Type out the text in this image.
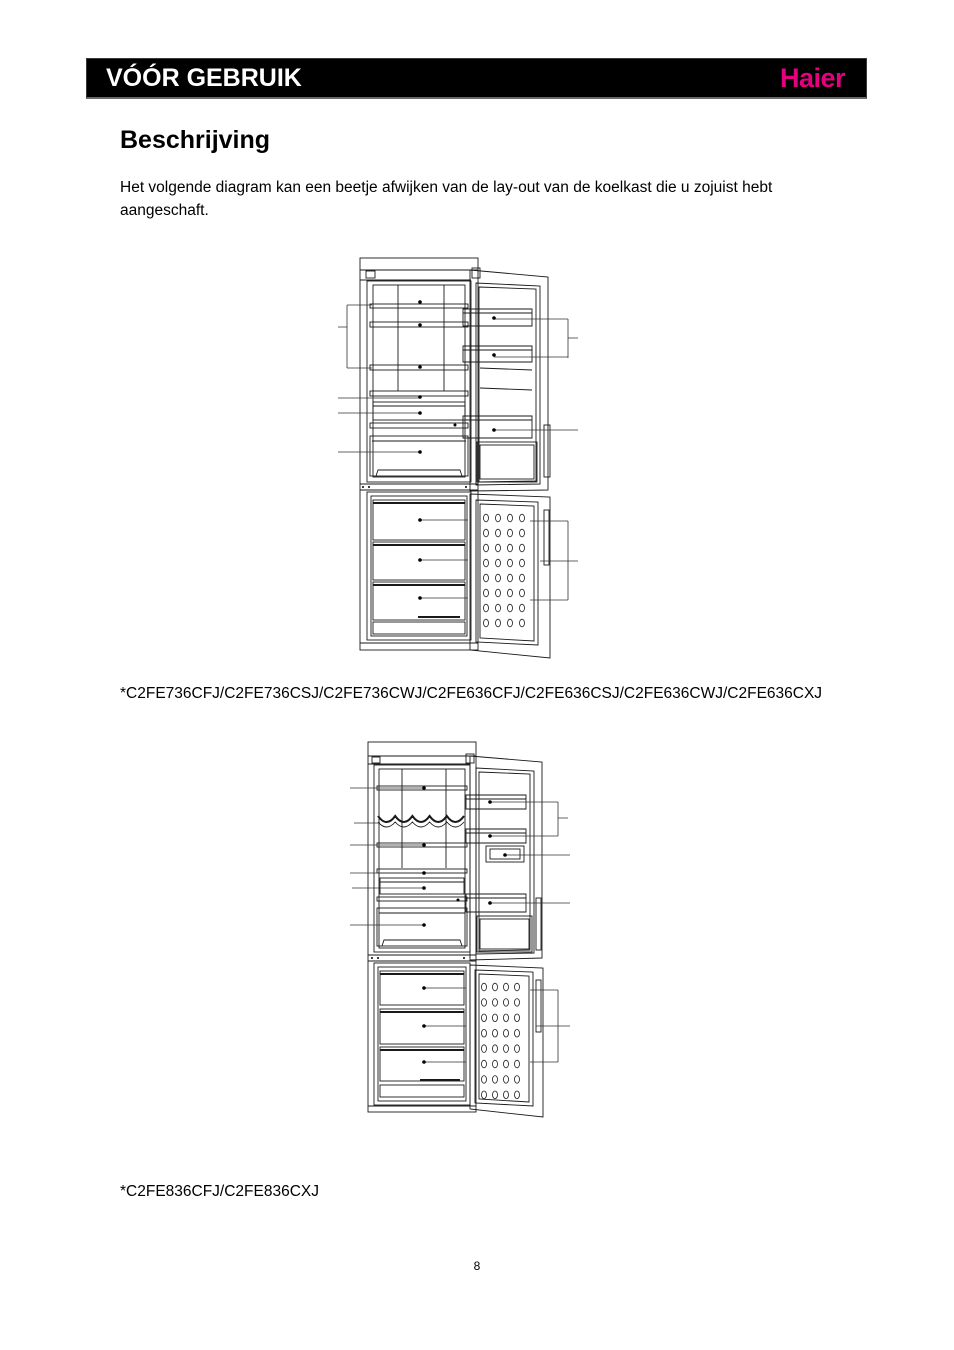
VÓÓR GEBRUIK	Haier
Beschrijving
Het volgende diagram kan een beetje afwijken van de lay-out van de koelkast die u zojuist hebt aangeschaft.
*C2FE736CFJ/C2FE736CSJ/C2FE736CWJ/C2FE636CFJ/C2FE636CSJ/C2FE636CWJ/C2FE636CXJ
*C2FE836CFJ/C2FE836CXJ
8
